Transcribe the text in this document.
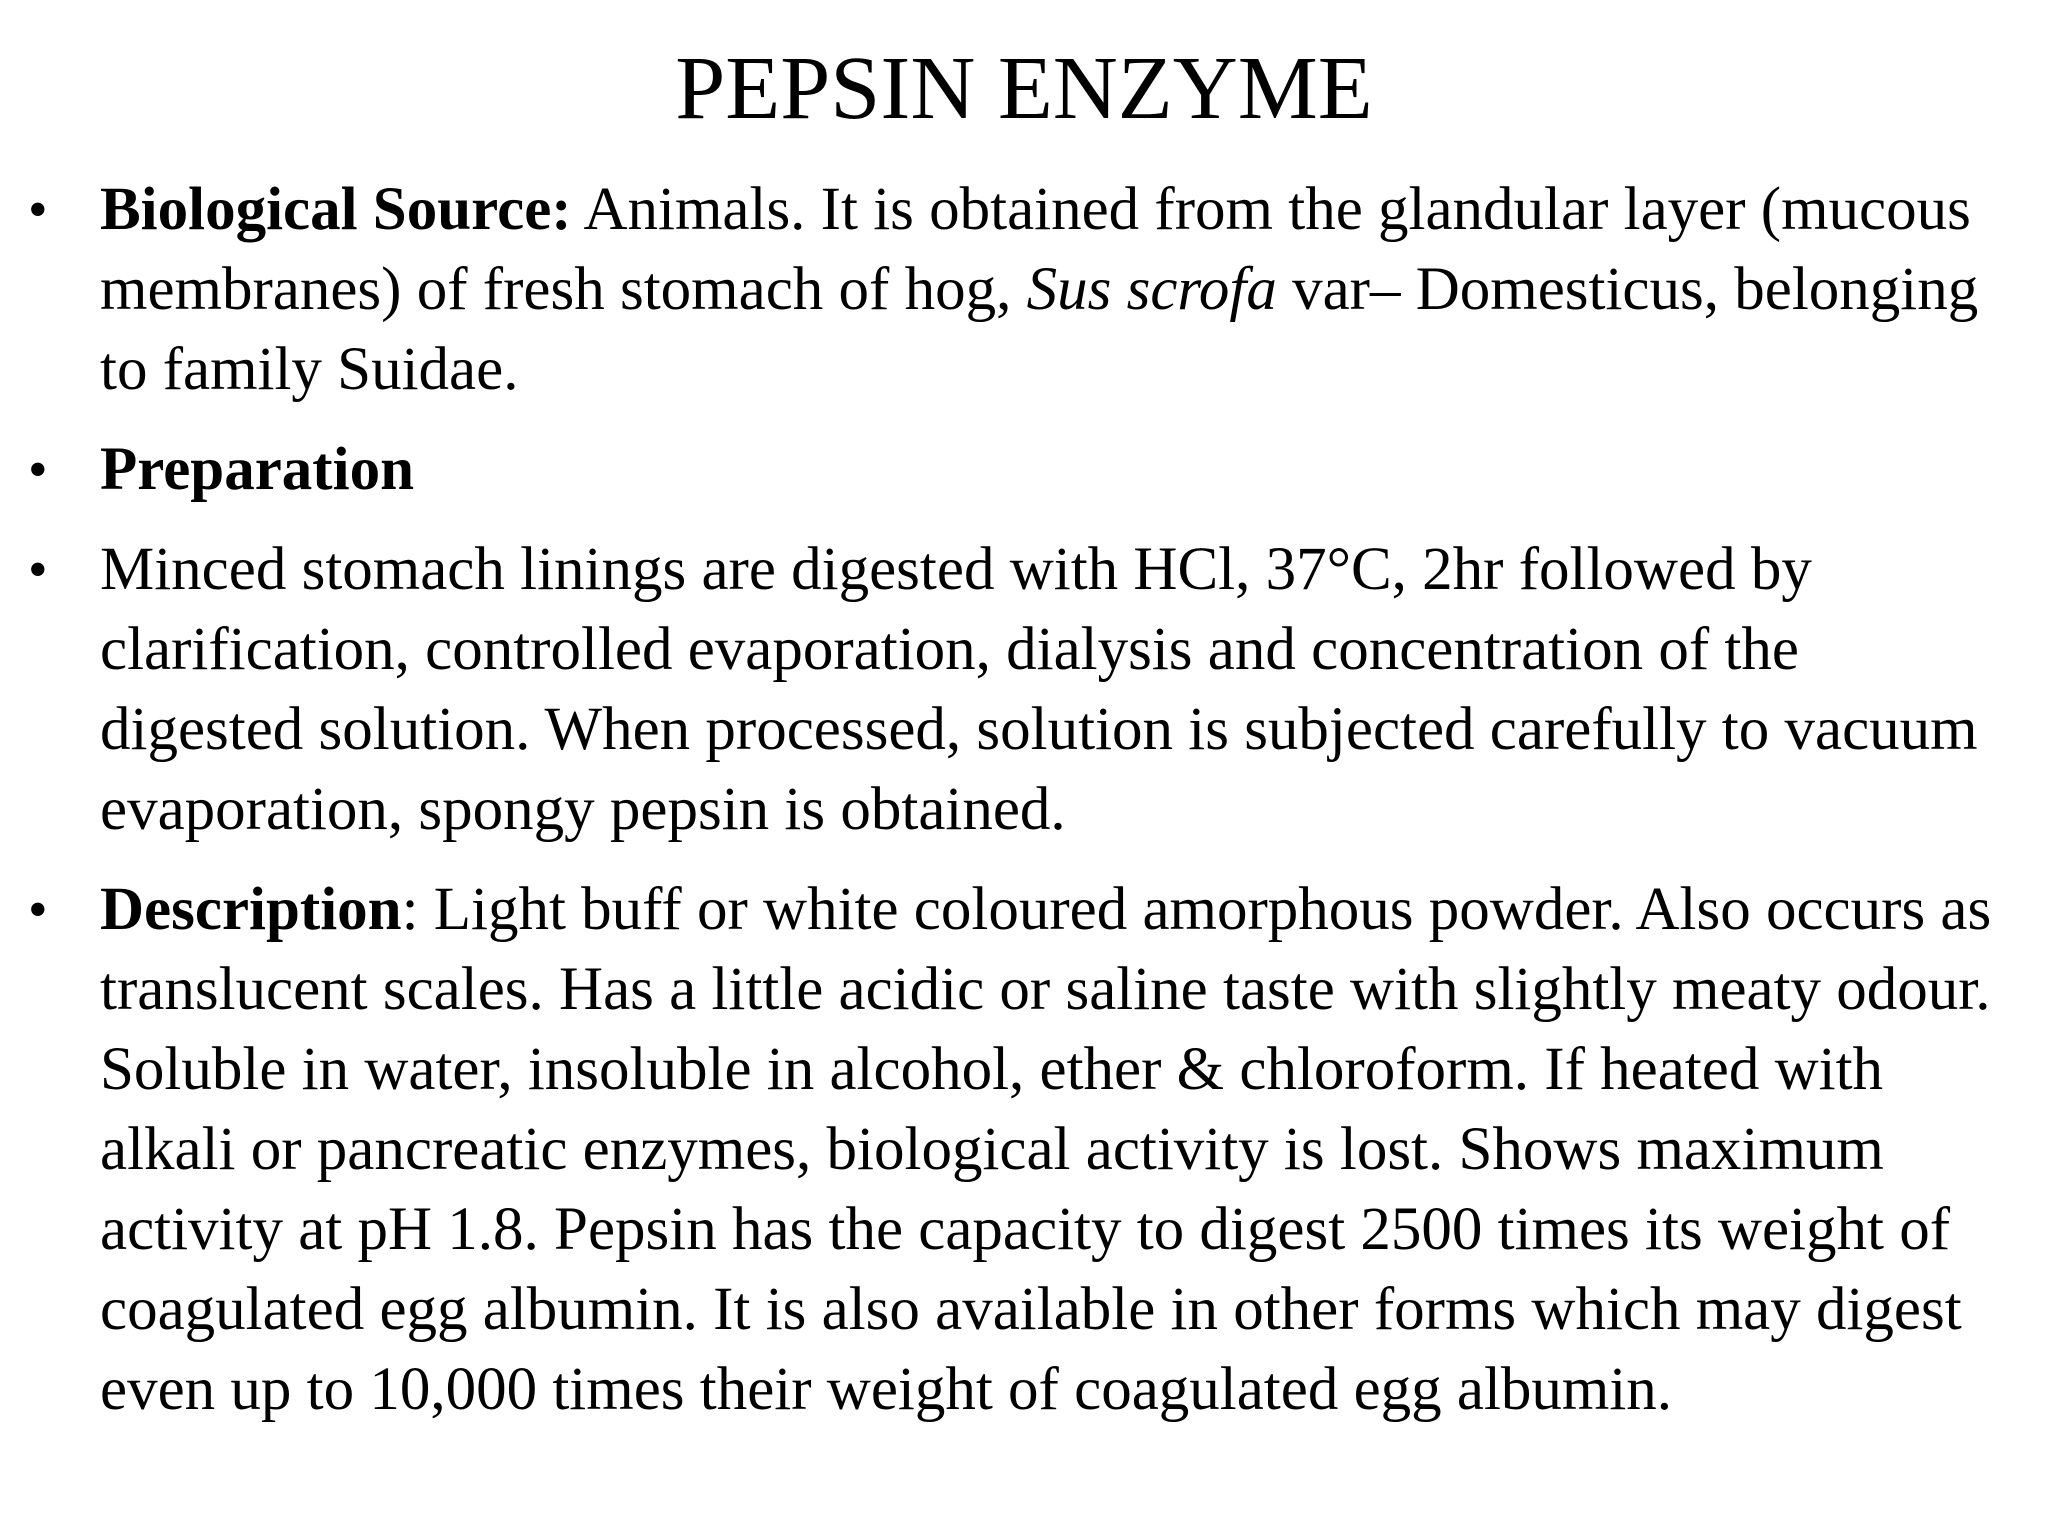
PEPSIN ENZYME
• Biological Source: Animals. It is obtained from the glandular layer (mucous membranes) of fresh stomach of hog, Sus scrofa var– Domesticus, belonging to family Suidae.
• Preparation
• Minced stomach linings are digested with HCl, 37°C, 2hr followed by clarification, controlled evaporation, dialysis and concentration of the digested solution. When processed, solution is subjected carefully to vacuum evaporation, spongy pepsin is obtained.
• Description: Light buff or white coloured amorphous powder. Also occurs as translucent scales. Has a little acidic or saline taste with slightly meaty odour. Soluble in water, insoluble in alcohol, ether & chloroform. If heated with alkali or pancreatic enzymes, biological activity is lost. Shows maximum activity at pH 1.8. Pepsin has the capacity to digest 2500 times its weight of coagulated egg albumin. It is also available in other forms which may digest even up to 10,000 times their weight of coagulated egg albumin.
